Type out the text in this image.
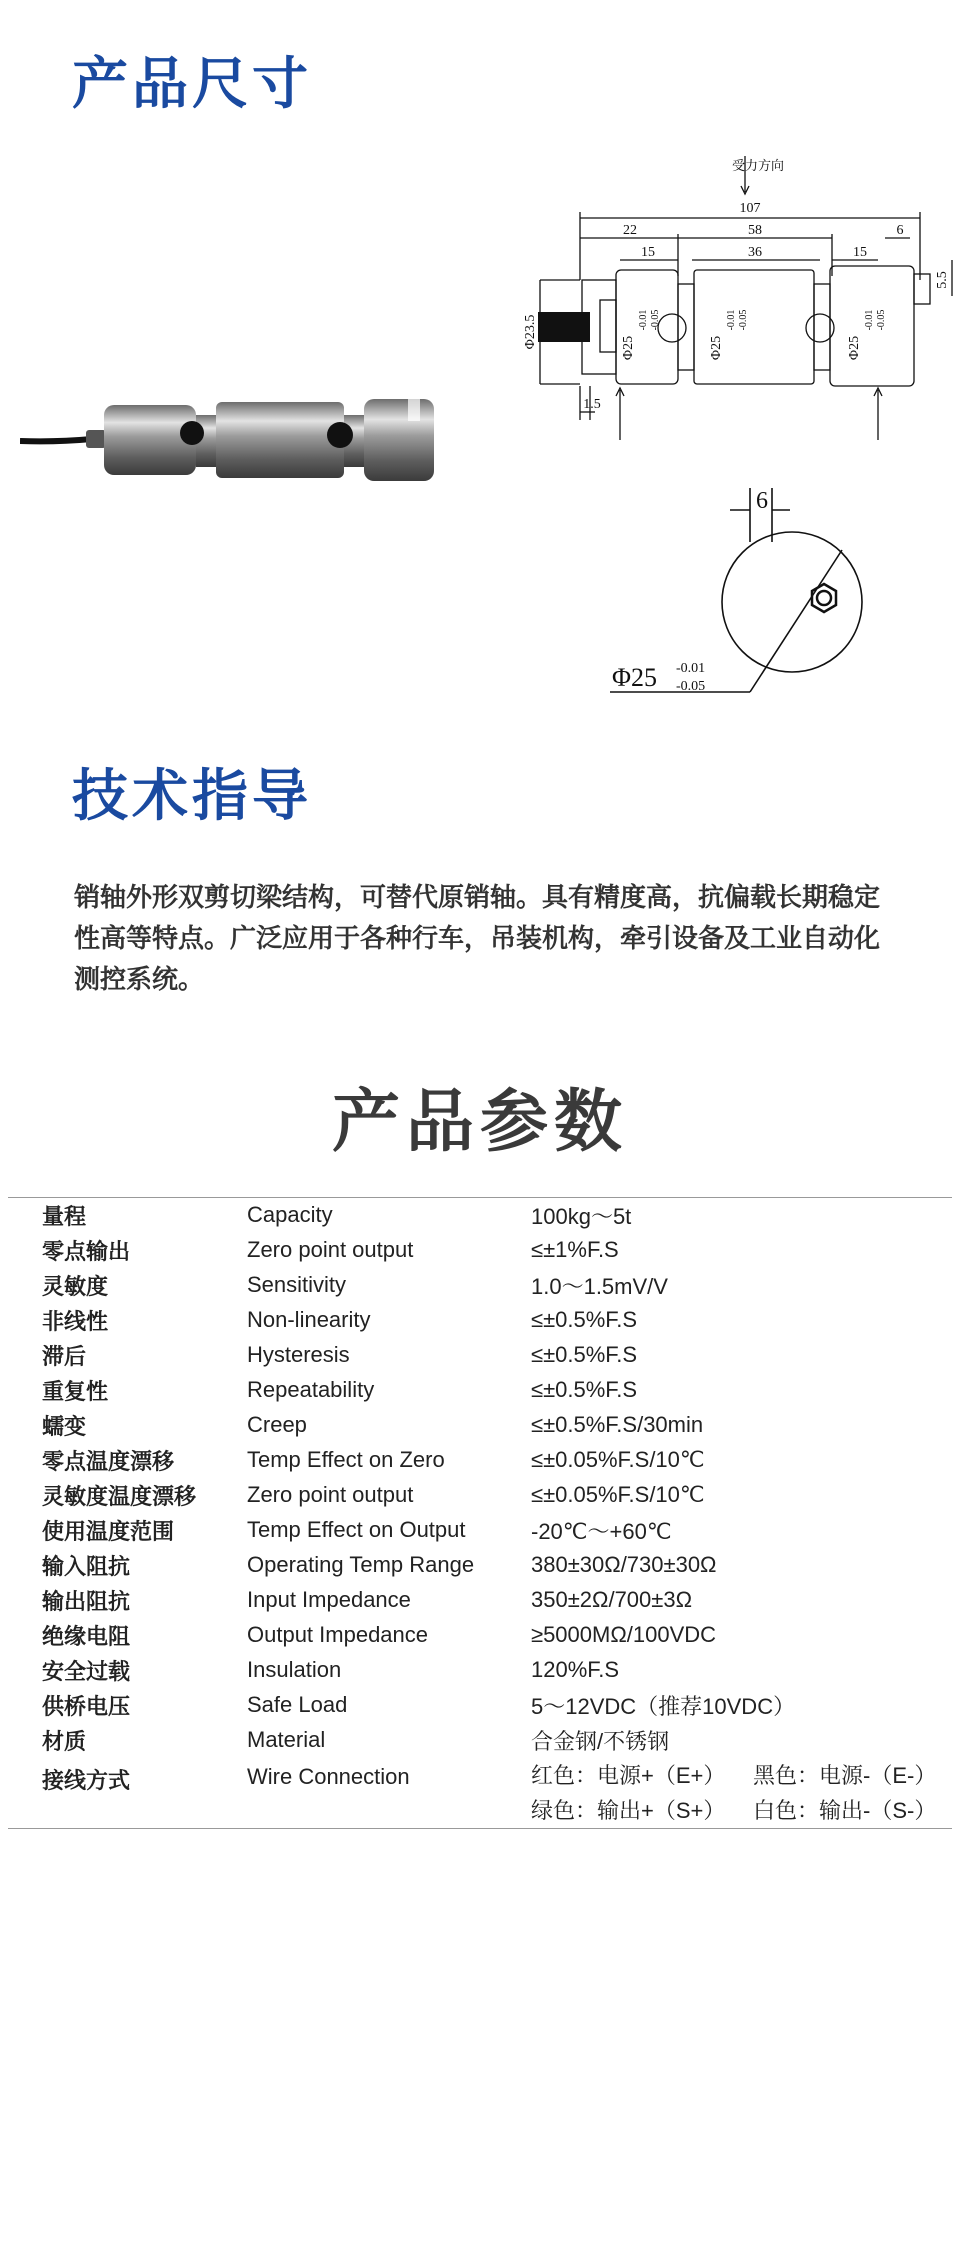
产品尺寸
受力方向
107
22	58	6
15	36	15
1.5
5.5
Φ23.5	Φ25	Φ25	Φ25
-0.01 -0.05	-0.01 -0.05	-0.01 -0.05
6
Φ25 -0.01
-0.05
技术指导

销轴外形双剪切梁结构，可替代原销轴。具有精度高，抗偏载长期稳定性高等特点。广泛应用于各种行车，吊装机构，牵引设备及工业自动化测控系统。

产品参数
量程	Capacity	100kg～5t
零点输出	Zero point output	≤±1%F.S
灵敏度	Sensitivity	1.0～1.5mV/V
非线性	Non-linearity	≤±0.5%F.S
滞后	Hysteresis	≤±0.5%F.S
重复性	Repeatability	≤±0.5%F.S
蠕变	Creep	≤±0.5%F.S/30min
零点温度漂移	Temp Effect on Zero	≤±0.05%F.S/10℃
灵敏度温度漂移	Zero point output	≤±0.05%F.S/10℃
使用温度范围	Temp Effect on Output	-20℃～+60℃
输入阻抗	Operating Temp Range	380±30Ω/730±30Ω
输出阻抗	Input Impedance	350±2Ω/700±3Ω
绝缘电阻	Output Impedance	≥5000MΩ/100VDC
安全过载	Insulation	120%F.S
供桥电压	Safe Load	5～12VDC（推荐10VDC）
材质	Material	合金钢/不锈钢
接线方式	Wire Connection	红色：电源+（E+） 黑色：电源-（E-）
绿色：输出+（S+） 白色：输出-（S-）
